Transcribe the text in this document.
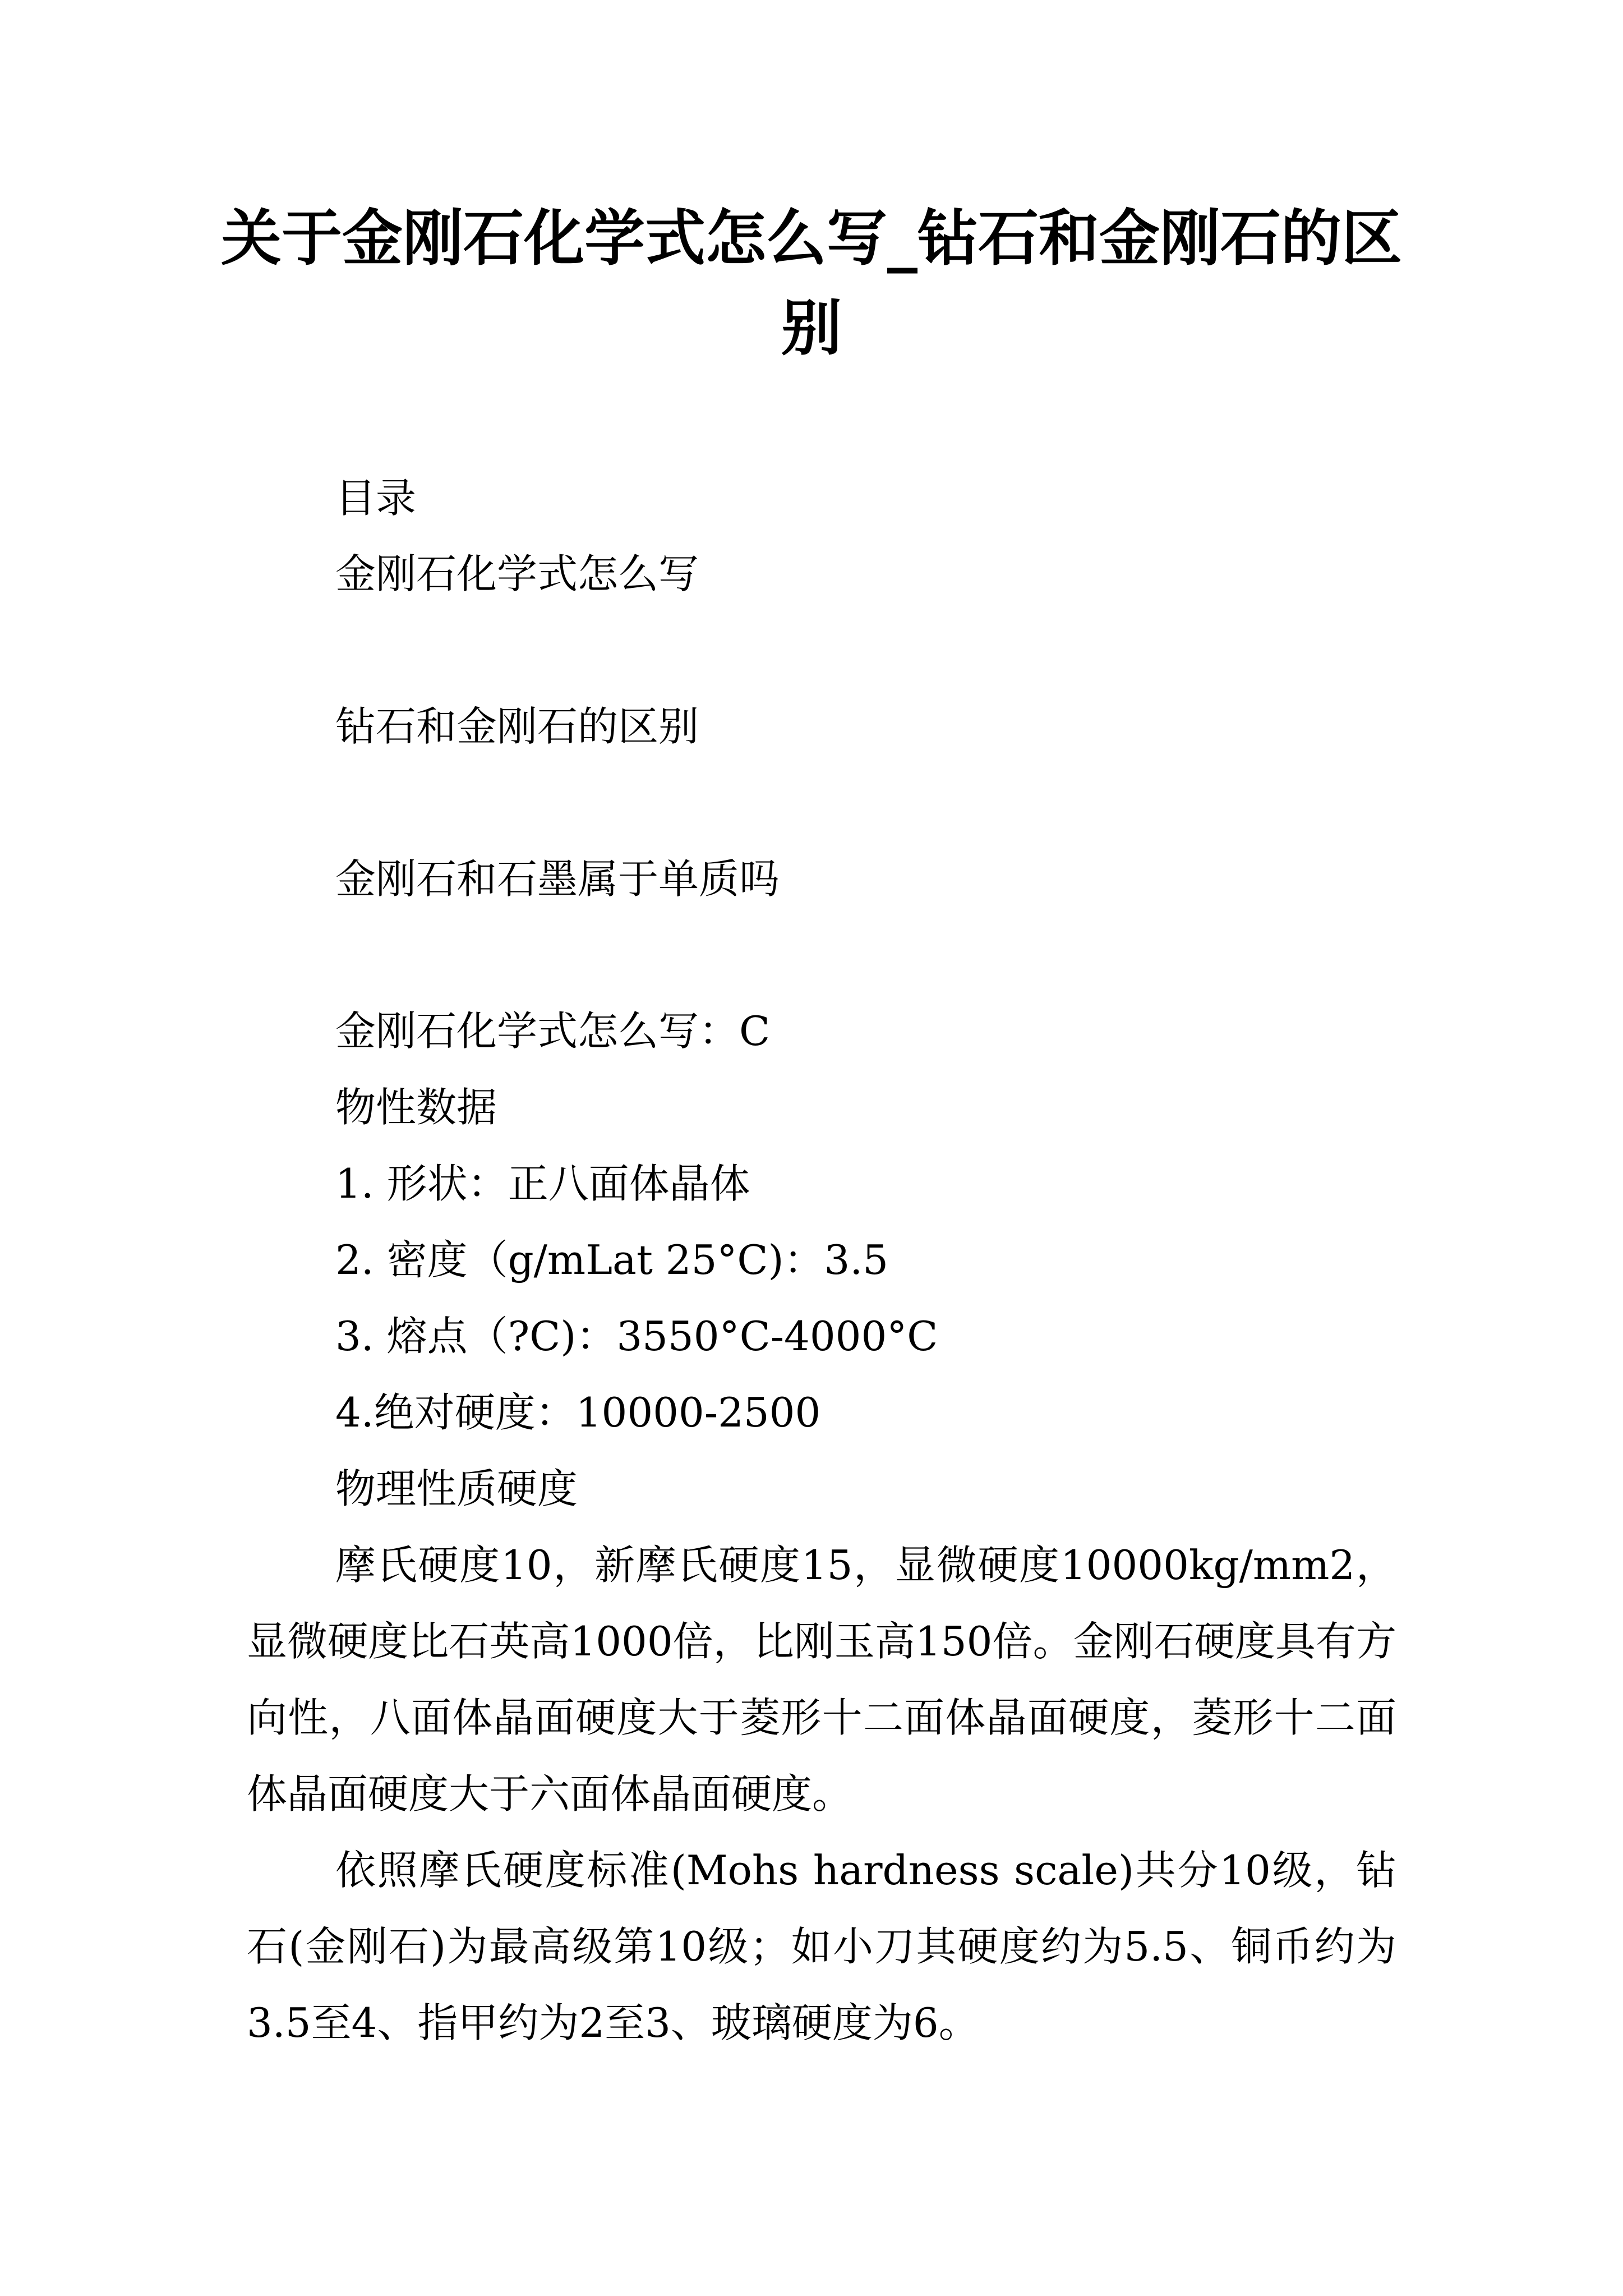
关于金刚石化学式怎么写_钻石和金刚石的区别

目录

金刚石化学式怎么写

钻石和金刚石的区别

金刚石和石墨属于单质吗

金刚石化学式怎么写：C

物性数据

1. 形状：正八面体晶体

2. 密度（g/mLat 25°C)：3.5

3. 熔点（?C)：3550°C-4000°C

4.绝对硬度：10000-2500

物理性质硬度

摩氏硬度10，新摩氏硬度15，显微硬度10000kg/mm2，显微硬度比石英高1000倍，比刚玉高150倍。金刚石硬度具有方向性，八面体晶面硬度大于菱形十二面体晶面硬度，菱形十二面体晶面硬度大于六面体晶面硬度。

依照摩氏硬度标准(Mohs hardness scale)共分10级，钻石(金刚石)为最高级第10级；如小刀其硬度约为5.5、铜币约为3.5至4、指甲约为2至3、玻璃硬度为6。
